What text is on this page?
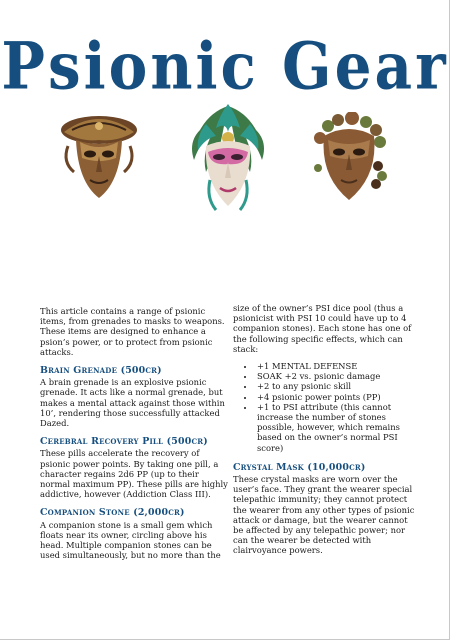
Psionic Gear

This article contains a range of psionic items, from grenades to masks to weapons. These items are designed to enhance a psion’s power, or to protect from psionic attacks.

Brain Grenade (500cr)

A brain grenade is an explosive psionic grenade. It acts like a normal grenade, but makes a mental attack against those within 10’, rendering those successfully attacked Dazed.

Cerebral Recovery Pill (500cr)

These pills accelerate the recovery of psionic power points. By taking one pill, a character regains 2d6 PP (up to their normal maximum PP). These pills are highly addictive, however (Addiction Class III).

Companion Stone (2,000cr)

A companion stone is a small gem which floats near its owner, circling above his head. Multiple companion stones can be used simultaneously, but no more than the

size of the owner’s PSI dice pool (thus a psionicist with PSI 10 could have up to 4 companion stones). Each stone has one of the following specific effects, which can stack:

• +1 MENTAL DEFENSE
• SOAK +2 vs. psionic damage
• +2 to any psionic skill
• +4 psionic power points (PP)
• +1 to PSI attribute (this cannot increase the number of stones possible, however, which remains based on the owner’s normal PSI score)
Crystal Mask (10,000cr)

These crystal masks are worn over the user’s face. They grant the wearer special telepathic immunity; they cannot protect the wearer from any other types of psionic attack or damage, but the wearer cannot be affected by any telepathic power; nor can the wearer be detected with clairvoyance powers.
